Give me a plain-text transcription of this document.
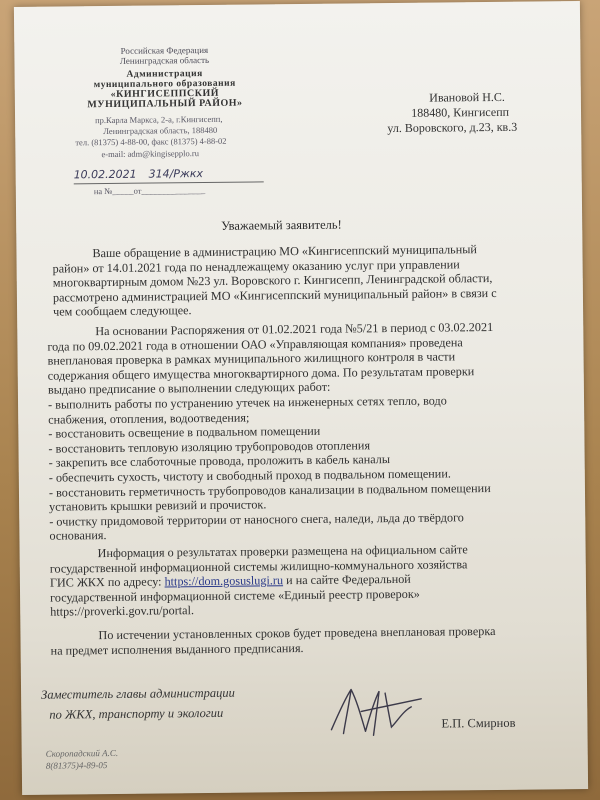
Российская Федерация
Ленинградская область
Администрация
муниципального образования
«КИНГИСЕППСКИЙ
МУНИЦИПАЛЬНЫЙ РАЙОН»
пр.Карла Маркса, 2-а, г.Кингисепп,
Ленинградская область, 188480
тел. (81375) 4-88-00, факс (81375) 4-88-02
e-mail: adm@kingisepplo.ru
10.02.2021 314/Ржкх
на №_____от_______________
Ивановой Н.С.
188480, Кингисепп
ул. Воровского, д.23, кв.3
Уважаемый заявитель!
Ваше обращение в администрацию МО «Кингисеппский муниципальный
район» от 14.01.2021 года по ненадлежащему оказанию услуг при управлении
многоквартирным домом №23 ул. Воровского г. Кингисепп, Ленинградской области,
рассмотрено администрацией МО «Кингисеппский муниципальный район» в связи с
чем сообщаем следующее.
На основании Распоряжения от 01.02.2021 года №5/21 в период с 03.02.2021
года по 09.02.2021 года в отношении ОАО «Управляющая компания» проведена
внеплановая проверка в рамках муниципального жилищного контроля в части
содержания общего имущества многоквартирного дома. По результатам проверки
выдано предписание о выполнении следующих работ:
- выполнить работы по устранению утечек на инженерных сетях тепло, водо
снабжения, отопления, водоотведения;
- восстановить освещение в подвальном помещении
- восстановить тепловую изоляцию трубопроводов отопления
- закрепить все слаботочные провода, проложить в кабель каналы
- обеспечить сухость, чистоту и свободный проход в подвальном помещении.
- восстановить герметичность трубопроводов канализации в подвальном помещении
установить крышки ревизий и прочисток.
- очистку придомовой территории от наносного снега, наледи, льда до твёрдого
основания.
Информация о результатах проверки размещена на официальном сайте
государственной информационной системы жилищно-коммунального хозяйства
ГИС ЖКХ по адресу: https://dom.gosuslugi.ru и на сайте Федеральной
государственной информационной системе «Единый реестр проверок»
https://proverki.gov.ru/portal.
По истечении установленных сроков будет проведена внеплановая проверка
на предмет исполнения выданного предписания.
Заместитель главы администрации
по ЖКХ, транспорту и экологии
Е.П. Смирнов
Скоропадский А.С.
8(81375)4-89-05
